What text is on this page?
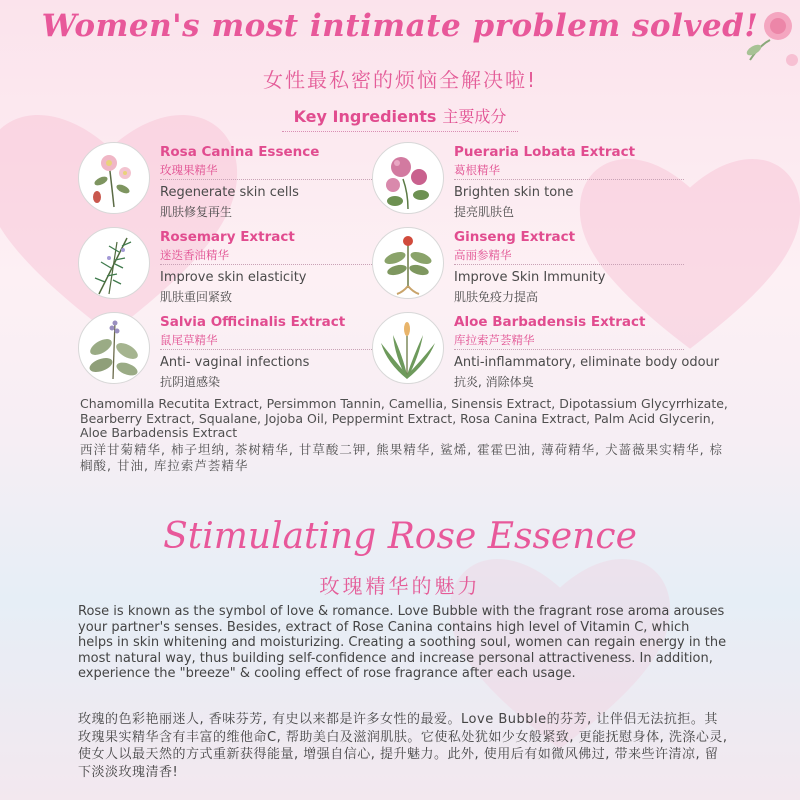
Women's most intimate problem solved!
女性最私密的烦恼全解决啦!
Key Ingredients 主要成分
Rosa Canina Essence
玫瑰果精华
Regenerate skin cells
肌肤修复再生
Pueraria Lobata Extract
葛根精华
Brighten skin tone
提亮肌肤色
Rosemary Extract
迷迭香油精华
Improve skin elasticity
肌肤重回紧致
Ginseng Extract
高丽参精华
Improve Skin Immunity
肌肤免疫力提高
Salvia Officinalis Extract
鼠尾草精华
Anti- vaginal infections
抗阴道感染
Aloe Barbadensis Extract
库拉索芦荟精华
Anti-inflammatory, eliminate body odour
抗炎, 消除体臭
Chamomilla Recutita Extract, Persimmon Tannin, Camellia, Sinensis Extract, Dipotassium Glycyrrhizate, Bearberry Extract, Squalane, Jojoba Oil, Peppermint Extract, Rosa Canina Extract, Palm Acid Glycerin, Aloe Barbadensis Extract
西洋甘菊精华, 柿子坦纳, 茶树精华, 甘草酸二钾, 熊果精华, 鲨烯, 霍霍巴油, 薄荷精华, 犬蔷薇果实精华, 棕榈酸, 甘油, 库拉索芦荟精华
Stimulating Rose Essence
玫瑰精华的魅力
Rose is known as the symbol of love & romance. Love Bubble with the fragrant rose aroma arouses your partner's senses. Besides, extract of Rose Canina contains high level of Vitamin C, which helps in skin whitening and moisturizing. Creating a soothing soul, women can regain energy in the most natural way, thus building self-confidence and increase personal attractiveness. In addition, experience the "breeze" & cooling effect of rose fragrance after each usage.
玫瑰的色彩艳丽迷人, 香味芬芳, 有史以来都是许多女性的最爱。Love Bubble的芬芳, 让伴侣无法抗拒。其玫瑰果实精华含有丰富的维他命C, 帮助美白及滋润肌肤。它使私处犹如少女般紧致, 更能抚慰身体, 洗涤心灵, 使女人以最天然的方式重新获得能量, 增强自信心, 提升魅力。此外, 使用后有如微风佛过, 带来些许清凉, 留下淡淡玫瑰清香!
